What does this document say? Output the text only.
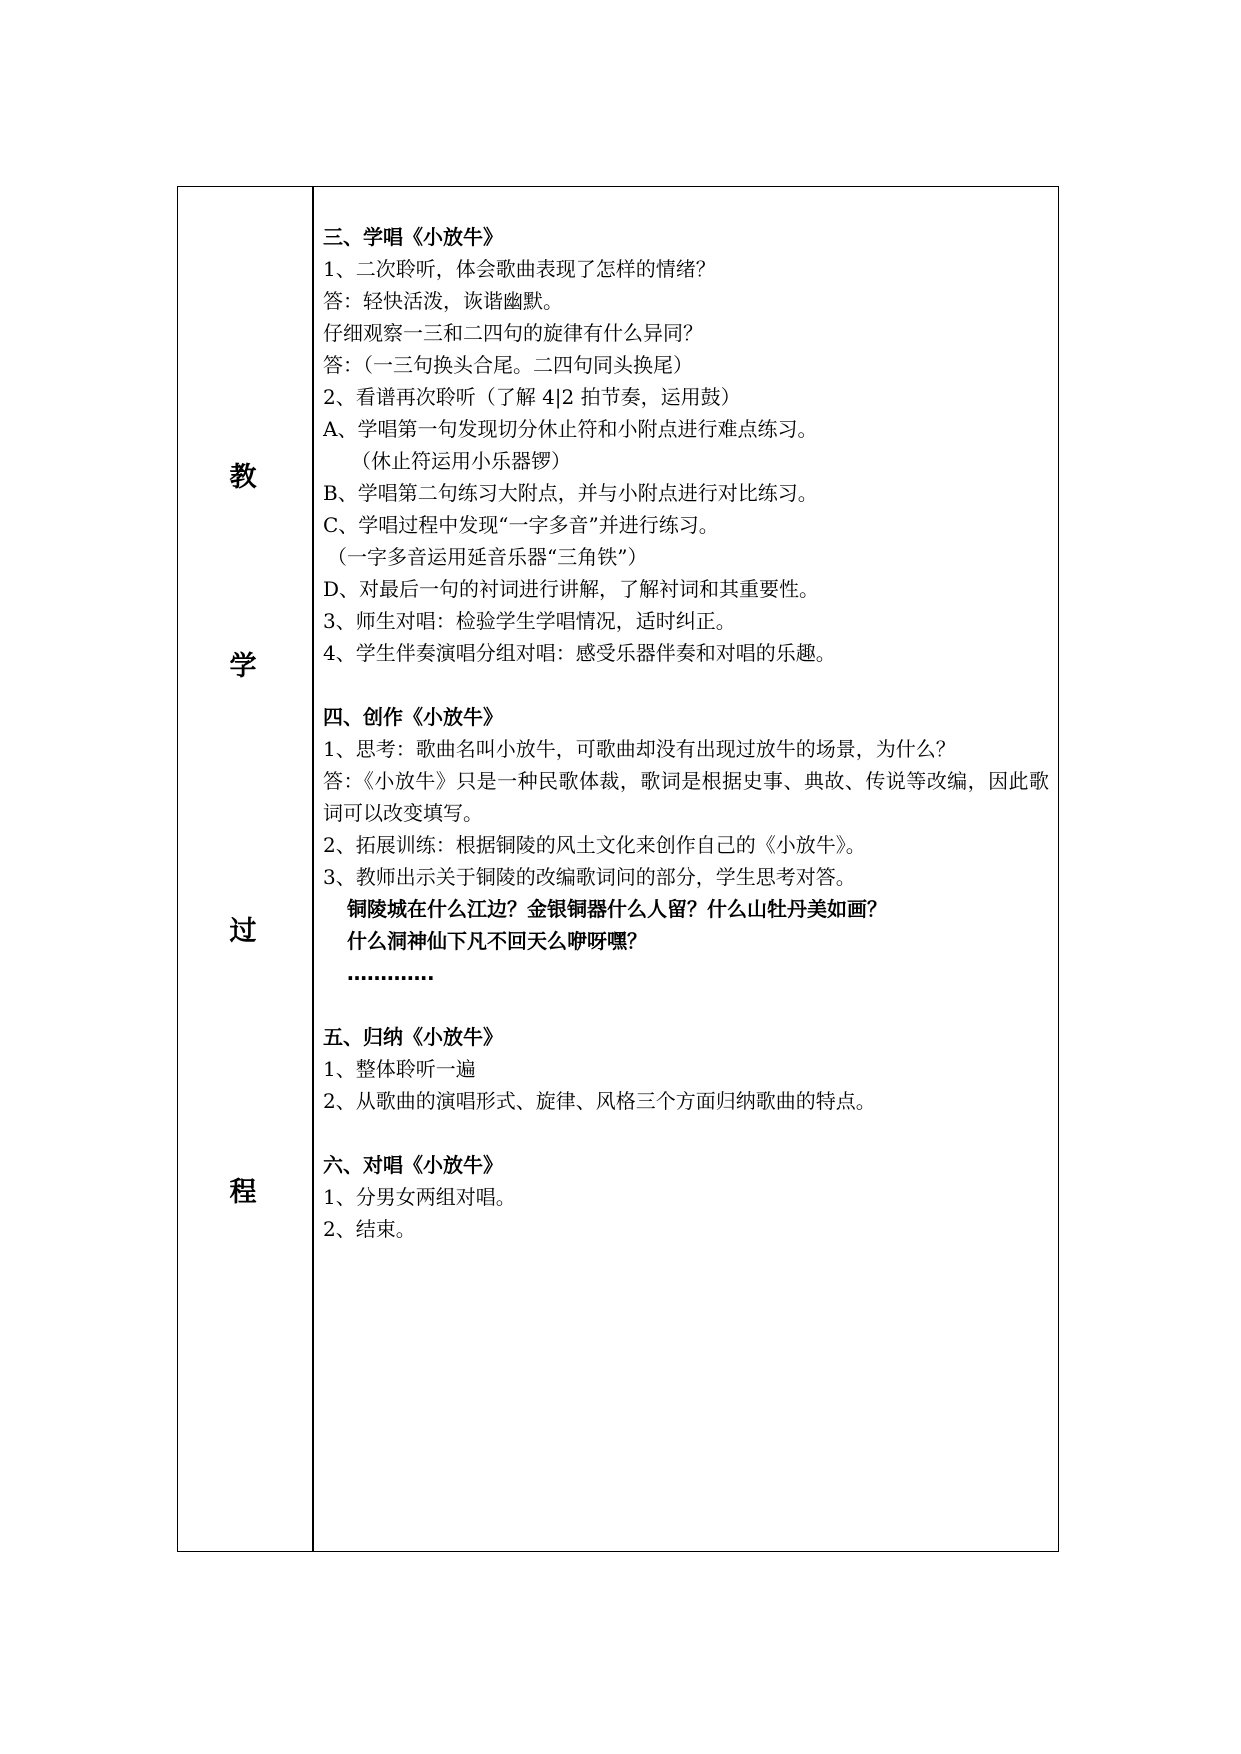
教
学
过
程
三、学唱《小放牛》
1、二次聆听，体会歌曲表现了怎样的情绪？
答：轻快活泼，诙谐幽默。
仔细观察一三和二四句的旋律有什么异同？
答：（一三句换头合尾。二四句同头换尾）
2、看谱再次聆听（了解 4|2 拍节奏，运用鼓）
A、学唱第一句发现切分休止符和小附点进行难点练习。
（休止符运用小乐器锣）
B、学唱第二句练习大附点，并与小附点进行对比练习。
C、学唱过程中发现“一字多音”并进行练习。
（一字多音运用延音乐器“三角铁”）
D、对最后一句的衬词进行讲解，了解衬词和其重要性。
3、师生对唱：检验学生学唱情况，适时纠正。
4、学生伴奏演唱分组对唱：感受乐器伴奏和对唱的乐趣。
四、创作《小放牛》
1、思考：歌曲名叫小放牛，可歌曲却没有出现过放牛的场景，为什么？
答：《小放牛》只是一种民歌体裁，歌词是根据史事、典故、传说等改编，因此歌词可以改变填写。
2、拓展训练：根据铜陵的风土文化来创作自己的《小放牛》。
3、教师出示关于铜陵的改编歌词问的部分，学生思考对答。
铜陵城在什么江边？金银铜器什么人留？什么山牡丹美如画？
什么洞神仙下凡不回天么咿呀嘿？
………….
五、归纳《小放牛》
1、整体聆听一遍
2、从歌曲的演唱形式、旋律、风格三个方面归纳歌曲的特点。
六、对唱《小放牛》
1、分男女两组对唱。
2、结束。
